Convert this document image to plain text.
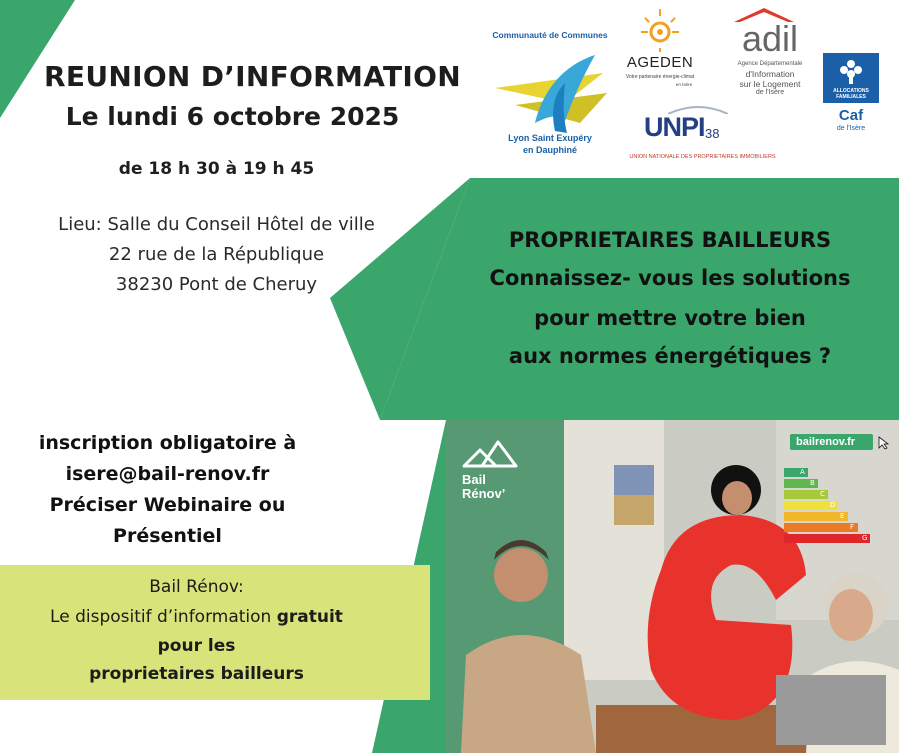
REUNION D’INFORMATION
Le lundi 6 octobre 2025
de 18 h 30 à 19 h 45
Lieu: Salle du Conseil Hôtel de ville
22 rue de la République
38230 Pont de Cheruy
PROPRIETAIRES BAILLEURS
Connaissez- vous les solutions
pour mettre votre bien
aux normes énergétiques ?
inscription obligatoire à
isere@bail-renov.fr
Préciser Webinaire ou
Présentiel
Bail Rénov:
Le dispositif d’information gratuit
pour les
proprietaires bailleurs
Communauté de Communes
Lyon Saint Exupéry
en Dauphiné
AGEDEN
Votre partenaire énergie-climat
en Isère
adil
Agence Départementale
d'Information
sur le Logement
de l'Isère	ALLOCATIONS FAMILIALES
Caf
de l'Isère
UNPI 38
UNION NATIONALE DES PROPRIETAIRES IMMOBILIERS
A
B
C
D
E
F
G
Bail
Rénov’
bailrenov.fr
